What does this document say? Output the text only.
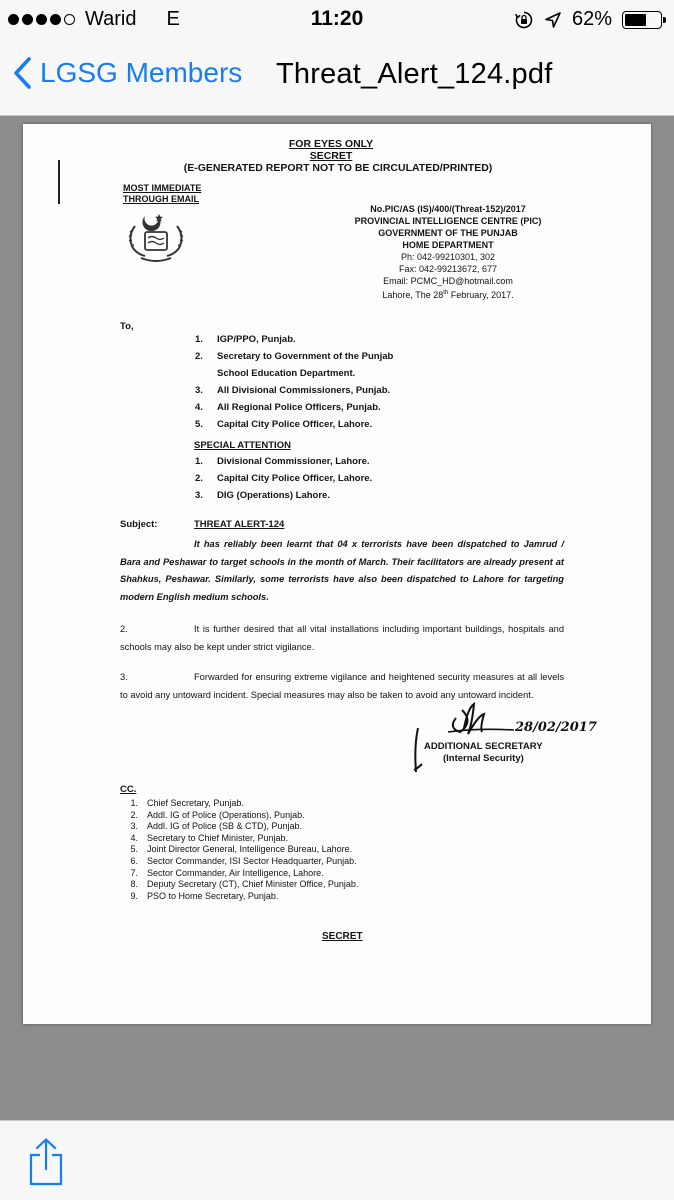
Warid E	11:20	62%
LGSG Members Threat_Alert_124.pdf
FOR EYES ONLY
SECRET
(E-GENERATED REPORT NOT TO BE CIRCULATED/PRINTED)
MOST IMMEDIATE
THROUGH EMAIL
No.PIC/AS (IS)/400/(Threat-152)/2017
PROVINCIAL INTELLIGENCE CENTRE (PIC)
GOVERNMENT OF THE PUNJAB
HOME DEPARTMENT
Ph: 042-99210301, 302
Fax: 042-99213672, 677
Email: PCMC_HD@hotmail.com
Lahore, The 28th February, 2017.
To,
1.	IGP/PPO, Punjab.
2.	Secretary to Government of the Punjab
School Education Department.
3.	All Divisional Commissioners, Punjab.
4.	All Regional Police Officers, Punjab.
5.	Capital City Police Officer, Lahore.
SPECIAL ATTENTION
1.	Divisional Commissioner, Lahore.
2.	Capital City Police Officer, Lahore.
3.	DIG (Operations) Lahore.
Subject:	THREAT ALERT-124
It has reliably been learnt that 04 x terrorists have been dispatched to Jamrud / Bara and Peshawar to target schools in the month of March. Their facilitators are already present at Shahkus, Peshawar. Similarly, some terrorists have also been dispatched to Lahore for targeting modern English medium schools.
2.	It is further desired that all vital installations including important buildings, hospitals and schools may also be kept under strict vigilance.
3.	Forwarded for ensuring extreme vigilance and heightened security measures at all levels to avoid any untoward incident. Special measures may also be taken to avoid any untoward incident.
28/02/2017
ADDITIONAL SECRETARY
(Internal Security)
CC.
1. Chief Secretary, Punjab.
2. Addl. IG of Police (Operations), Punjab.
3. Addl. IG of Police (SB & CTD), Punjab.
4. Secretary to Chief Minister, Punjab.
5. Joint Director General, Intelligence Bureau, Lahore.
6. Sector Commander, ISI Sector Headquarter, Punjab.
7. Sector Commander, Air Intelligence, Lahore.
8. Deputy Secretary (CT), Chief Minister Office, Punjab.
9. PSO to Home Secretary, Punjab.
SECRET
